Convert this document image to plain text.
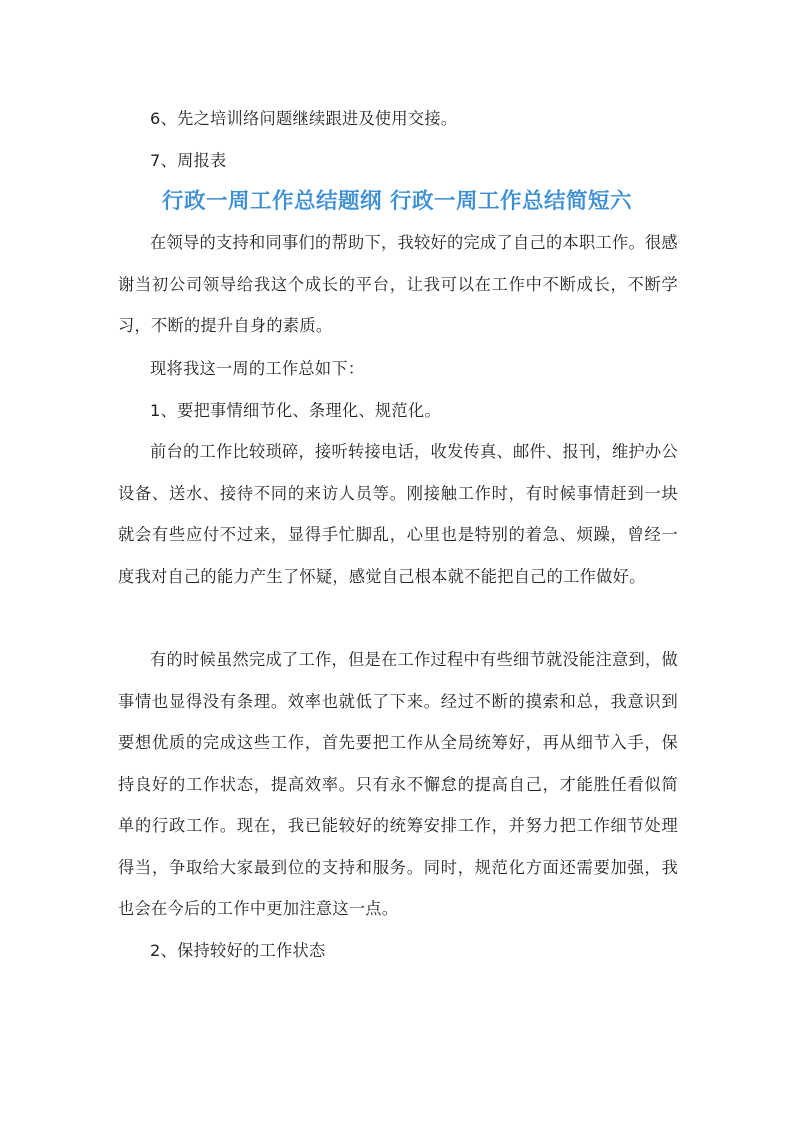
6、先之培训络问题继续跟进及使用交接。

7、周报表

行政一周工作总结题纲 行政一周工作总结简短六

在领导的支持和同事们的帮助下，我较好的完成了自己的本职工作。很感谢当初公司领导给我这个成长的平台，让我可以在工作中不断成长，不断学习，不断的提升自身的素质。

现将我这一周的工作总如下：

1、要把事情细节化、条理化、规范化。

前台的工作比较琐碎，接听转接电话，收发传真、邮件、报刊，维护办公设备、送水、接待不同的来访人员等。刚接触工作时，有时候事情赶到一块就会有些应付不过来，显得手忙脚乱，心里也是特别的着急、烦躁，曾经一度我对自己的能力产生了怀疑，感觉自己根本就不能把自己的工作做好。

有的时候虽然完成了工作，但是在工作过程中有些细节就没能注意到，做事情也显得没有条理。效率也就低了下来。经过不断的摸索和总，我意识到要想优质的完成这些工作，首先要把工作从全局统筹好，再从细节入手，保持良好的工作状态，提高效率。只有永不懈怠的提高自己，才能胜任看似简单的行政工作。现在，我已能较好的统筹安排工作，并努力把工作细节处理得当，争取给大家最到位的支持和服务。同时，规范化方面还需要加强，我也会在今后的工作中更加注意这一点。

2、保持较好的工作状态
